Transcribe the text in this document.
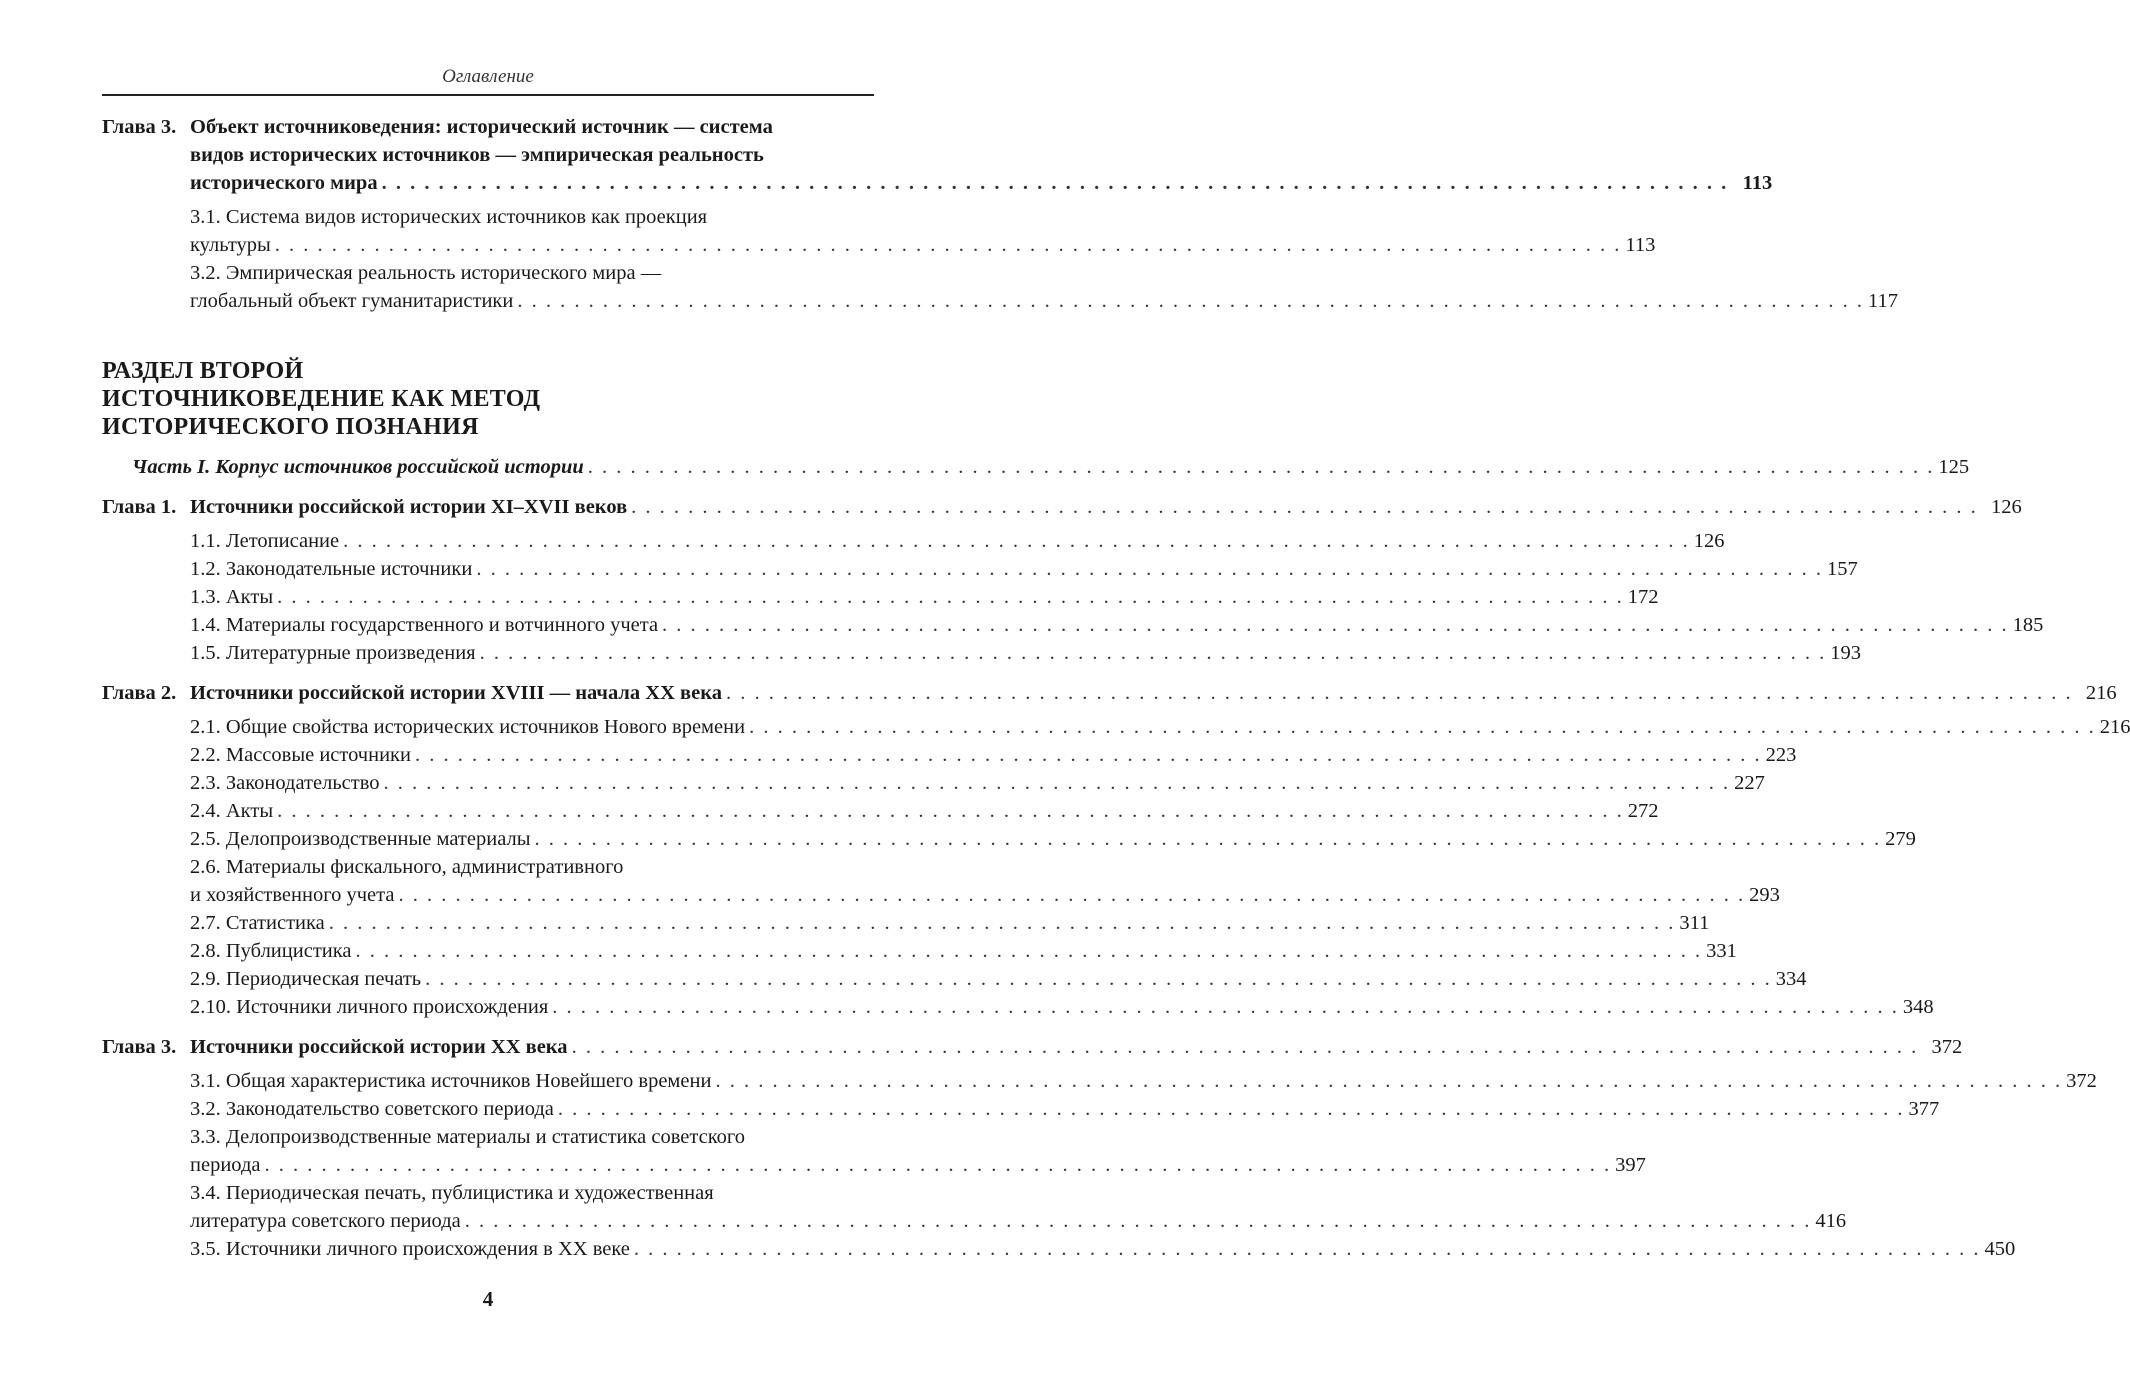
Оглавление
Глава 3. Объект источниковедения: исторический источник — система
видов исторических источников — эмпирическая реальность
исторического мира . . .	113
3.1. Система видов исторических источников как проекция
культуры . . .	113
3.2. Эмпирическая реальность исторического мира —
глобальный объект гуманитаристики . . .	117
РАЗДЕЛ ВТОРОЙ
ИСТОЧНИКОВЕДЕНИЕ КАК МЕТОД
ИСТОРИЧЕСКОГО ПОЗНАНИЯ
Часть I. Корпус источников российской истории . . .	125
Глава 1. Источники российской истории XI–XVII веков . . .	126
1.1. Летописание . . .	126
1.2. Законодательные источники . . .	157
1.3. Акты . . .	172
1.4. Материалы государственного и вотчинного учета . . .	185
1.5. Литературные произведения . . .	193
Глава 2. Источники российской истории XVIII — начала XX века . . .	216
2.1. Общие свойства исторических источников Нового времени . . .	216
2.2. Массовые источники . . .	223
2.3. Законодательство . . .	227
2.4. Акты . . .	272
2.5. Делопроизводственные материалы . . .	279
2.6. Материалы фискального, административного
и хозяйственного учета . . .	293
2.7. Статистика . . .	311
2.8. Публицистика . . .	331
2.9. Периодическая печать . . .	334
2.10. Источники личного происхождения . . .	348
Глава 3. Источники российской истории XX века . . .	372
3.1. Общая характеристика источников Новейшего времени . . .	372
3.2. Законодательство советского периода . . .	377
3.3. Делопроизводственные материалы и статистика советского
периода . . .	397
3.4. Периодическая печать, публицистика и художественная
литература советского периода . . .	416
3.5. Источники личного происхождения в XX веке . . .	450
4
